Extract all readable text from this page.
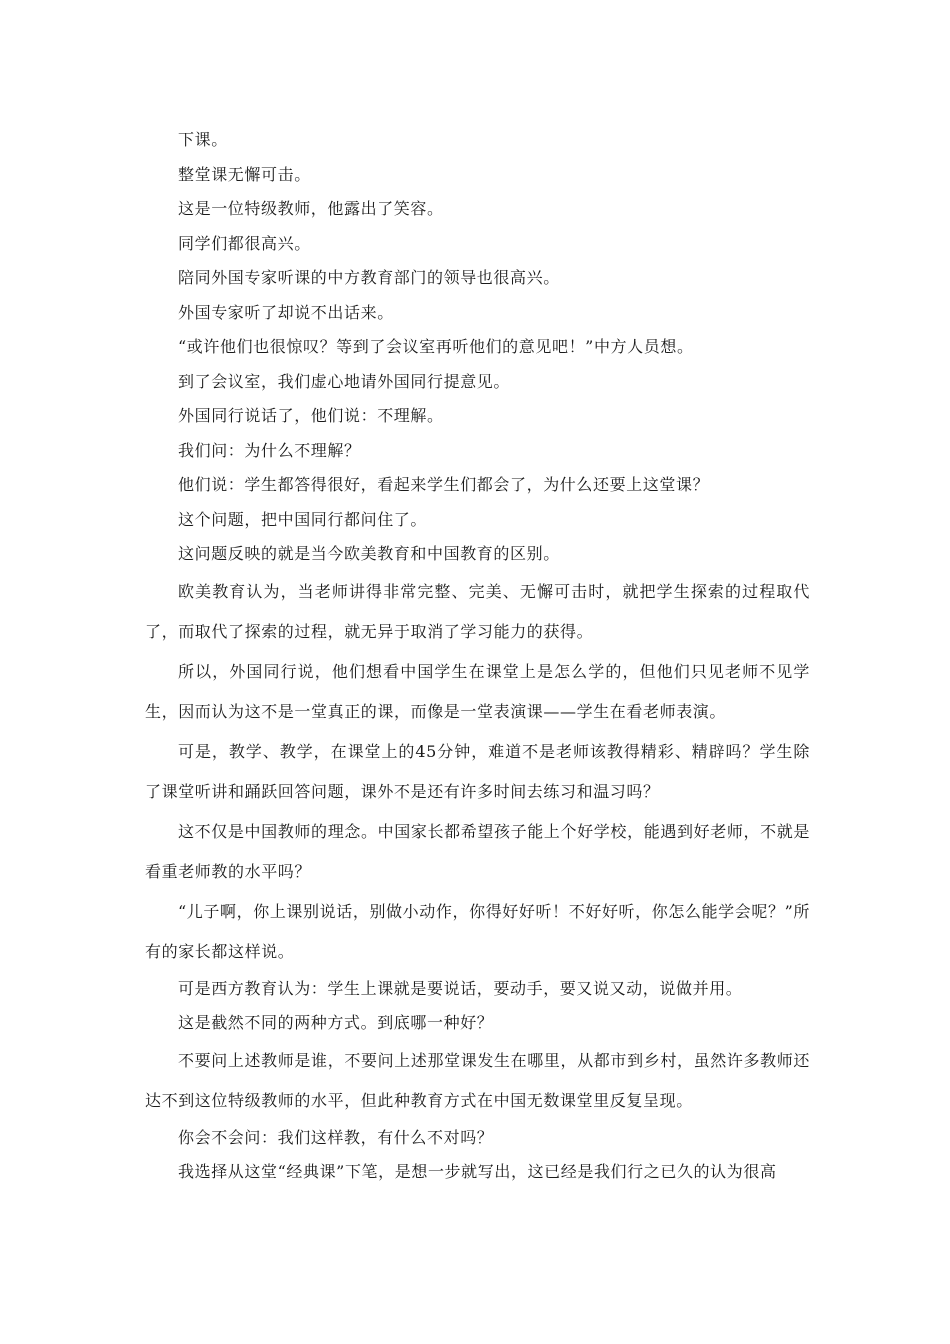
下课。

整堂课无懈可击。

这是一位特级教师，他露出了笑容。

同学们都很高兴。

陪同外国专家听课的中方教育部门的领导也很高兴。

外国专家听了却说不出话来。

“或许他们也很惊叹？等到了会议室再听他们的意见吧！”中方人员想。

到了会议室，我们虚心地请外国同行提意见。

外国同行说话了，他们说：不理解。

我们问：为什么不理解？

他们说：学生都答得很好，看起来学生们都会了，为什么还要上这堂课？

这个问题，把中国同行都问住了。

这问题反映的就是当今欧美教育和中国教育的区别。

欧美教育认为，当老师讲得非常完整、完美、无懈可击时，就把学生探索的过程取代了，而取代了探索的过程，就无异于取消了学习能力的获得。

所以，外国同行说，他们想看中国学生在课堂上是怎么学的，但他们只见老师不见学生，因而认为这不是一堂真正的课，而像是一堂表演课——学生在看老师表演。

可是，教学、教学，在课堂上的45分钟，难道不是老师该教得精彩、精辟吗？学生除了课堂听讲和踊跃回答问题，课外不是还有许多时间去练习和温习吗？

这不仅是中国教师的理念。中国家长都希望孩子能上个好学校，能遇到好老师，不就是看重老师教的水平吗？

“儿子啊，你上课别说话，别做小动作，你得好好听！不好好听，你怎么能学会呢？”所有的家长都这样说。

可是西方教育认为：学生上课就是要说话，要动手，要又说又动，说做并用。

这是截然不同的两种方式。到底哪一种好？

不要问上述教师是谁，不要问上述那堂课发生在哪里，从都市到乡村，虽然许多教师还达不到这位特级教师的水平，但此种教育方式在中国无数课堂里反复呈现。

你会不会问：我们这样教，有什么不对吗？

我选择从这堂“经典课”下笔，是想一步就写出，这已经是我们行之已久的认为很高
